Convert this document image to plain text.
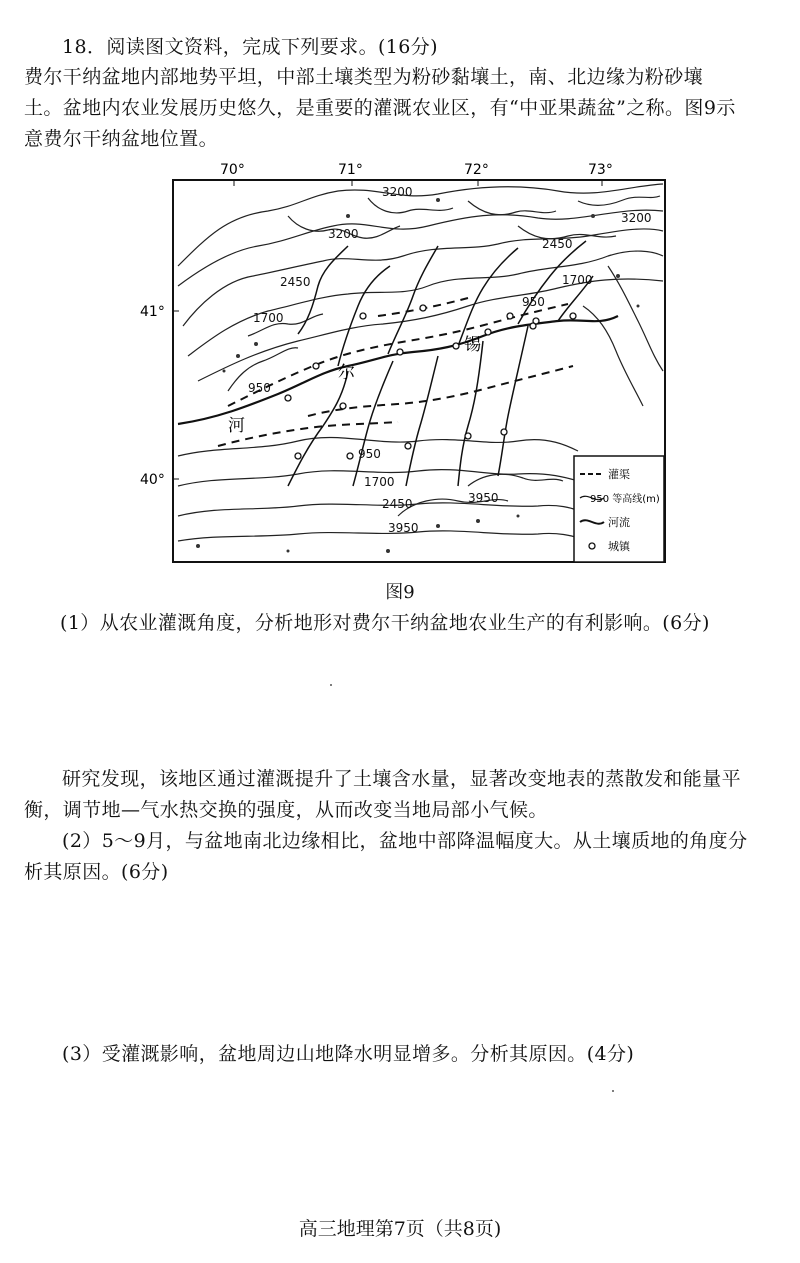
18．阅读图文资料，完成下列要求。(16分)
费尔干纳盆地内部地势平坦，中部土壤类型为粉砂黏壤土，南、北边缘为粉砂壤
土。盆地内农业发展历史悠久，是重要的灌溉农业区，有“中亚果蔬盆”之称。图9示
意费尔干纳盆地位置。
70°	71°	72°	73°
41°
40°
河
尔
锡
3200
3200
3200
2450
2450
1700
1700
950
950
950
1700
2450	3950
3950
灌渠
950 等高线(m)
河流
城镇
图9
(1）从农业灌溉角度，分析地形对费尔干纳盆地农业生产的有利影响。(6分)
研究发现，该地区通过灌溉提升了土壤含水量，显著改变地表的蒸散发和能量平
衡，调节地—气水热交换的强度，从而改变当地局部小气候。
(2）5～9月，与盆地南北边缘相比，盆地中部降温幅度大。从土壤质地的角度分
析其原因。(6分)
(3）受灌溉影响，盆地周边山地降水明显增多。分析其原因。(4分)
高三地理第7页（共8页)
